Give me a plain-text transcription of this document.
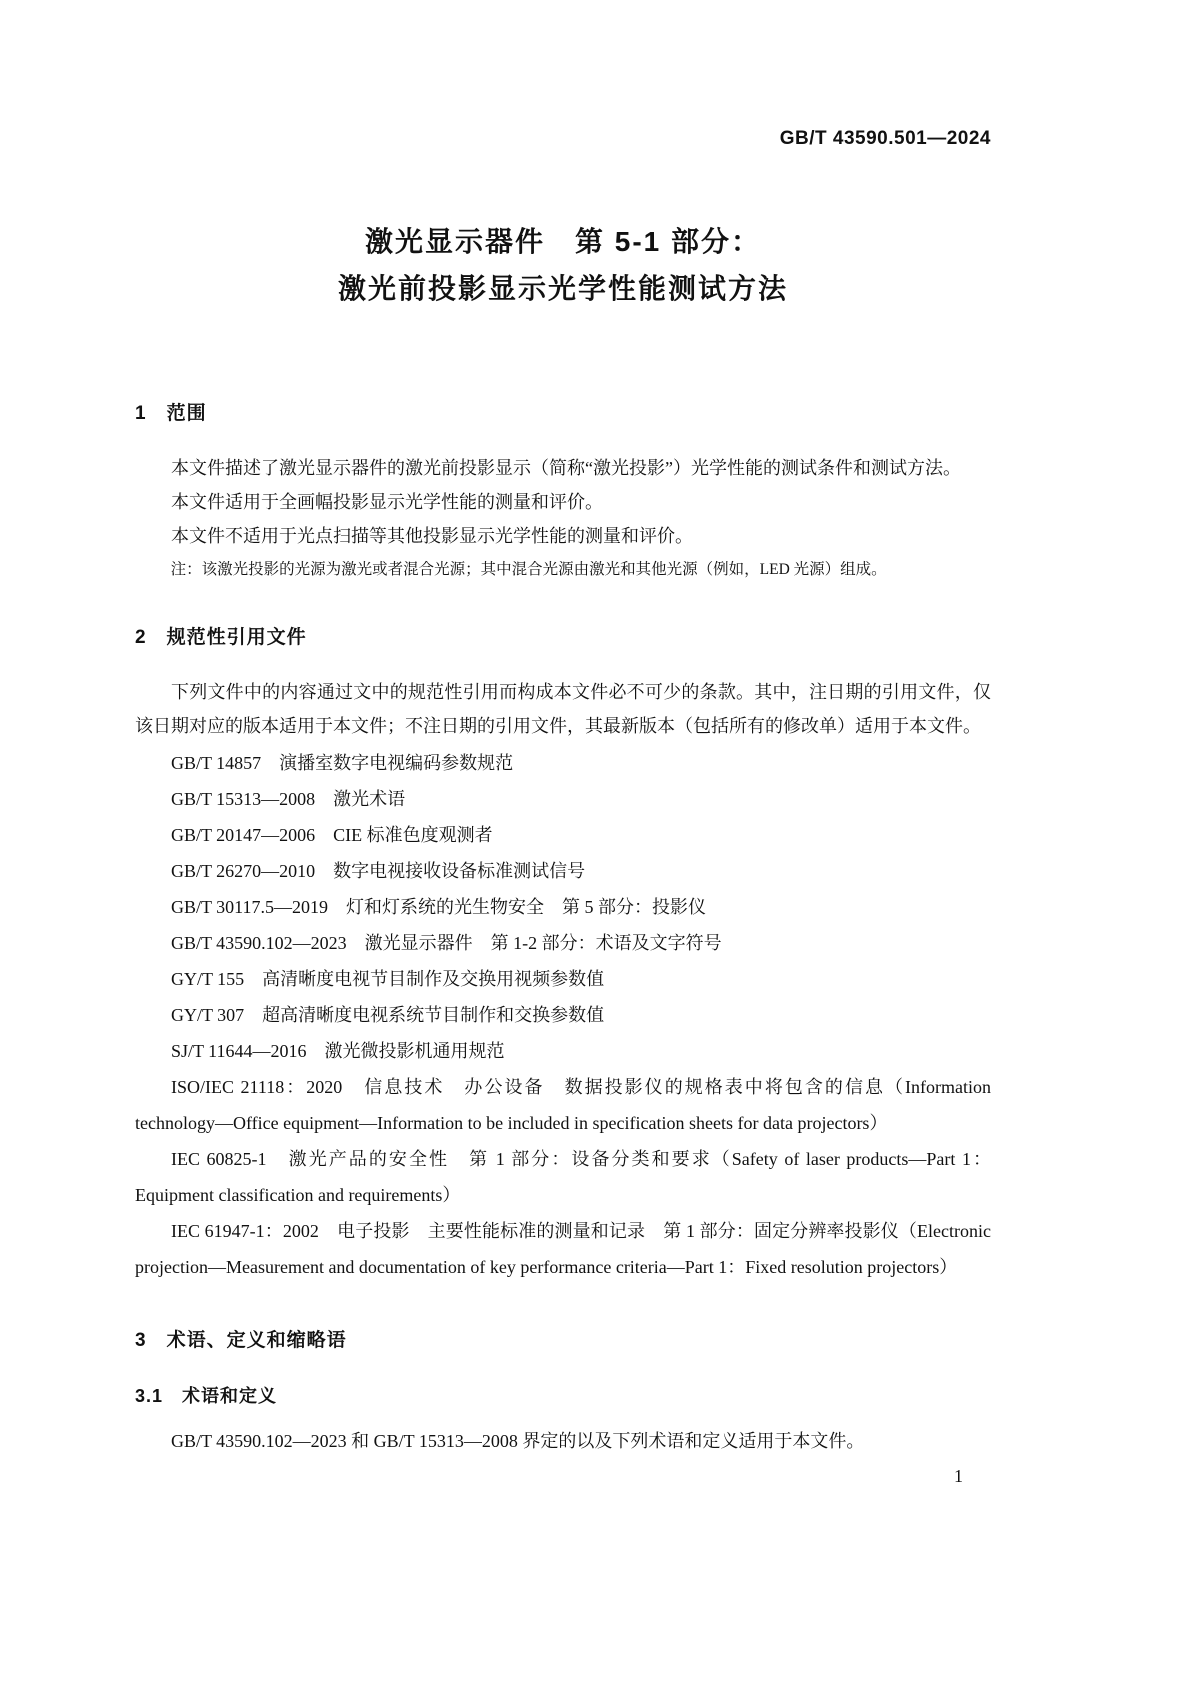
GB/T 43590.501—2024
激光显示器件　第 5-1 部分：
激光前投影显示光学性能测试方法
1　范围

本文件描述了激光显示器件的激光前投影显示（简称“激光投影”）光学性能的测试条件和测试方法。

本文件适用于全画幅投影显示光学性能的测量和评价。

本文件不适用于光点扫描等其他投影显示光学性能的测量和评价。

注：该激光投影的光源为激光或者混合光源；其中混合光源由激光和其他光源（例如，LED 光源）组成。

2　规范性引用文件

下列文件中的内容通过文中的规范性引用而构成本文件必不可少的条款。其中，注日期的引用文件，仅该日期对应的版本适用于本文件；不注日期的引用文件，其最新版本（包括所有的修改单）适用于本文件。

GB/T 14857　演播室数字电视编码参数规范

GB/T 15313—2008　激光术语

GB/T 20147—2006　CIE 标准色度观测者

GB/T 26270—2010　数字电视接收设备标准测试信号

GB/T 30117.5—2019　灯和灯系统的光生物安全　第 5 部分：投影仪

GB/T 43590.102—2023　激光显示器件　第 1-2 部分：术语及文字符号

GY/T 155　高清晰度电视节目制作及交换用视频参数值

GY/T 307　超高清晰度电视系统节目制作和交换参数值

SJ/T 11644—2016　激光微投影机通用规范

ISO/IEC 21118：2020　信息技术　办公设备　数据投影仪的规格表中将包含的信息（Information technology—Office equipment—Information to be included in specification sheets for data projectors）

IEC 60825-1　激光产品的安全性　第 1 部分：设备分类和要求（Safety of laser products—Part 1：Equipment classification and requirements）

IEC 61947-1：2002　电子投影　主要性能标准的测量和记录　第 1 部分：固定分辨率投影仪（Electronic projection—Measurement and documentation of key performance criteria—Part 1：Fixed resolution projectors）

3　术语、定义和缩略语
3.1　术语和定义

GB/T 43590.102—2023 和 GB/T 15313—2008 界定的以及下列术语和定义适用于本文件。

1
